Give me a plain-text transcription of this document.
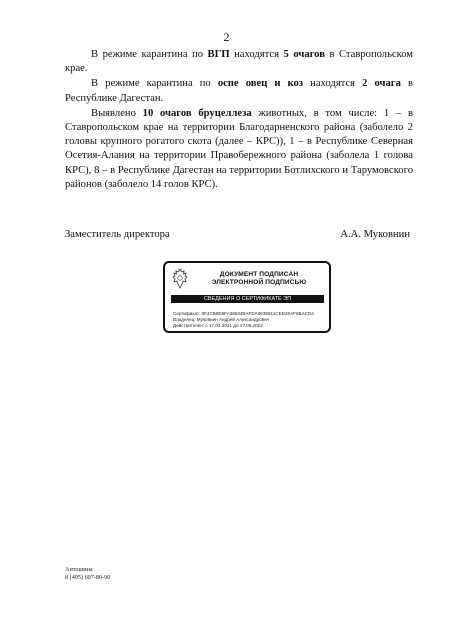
2

В режиме карантина по ВГП находятся 5 очагов в Ставропольском крае.

В режиме карантина по оспе овец и коз находятся 2 очага в Республике Дагестан.

Выявлено 10 очагов бруцеллеза животных, в том числе: 1 – в Ставропольском крае на территории Благодарненского района (заболело 2 головы крупного рогатого скота (далее – КРС)), 1 – в Республике Северная Осетия-Алания на территории Правобережного района (заболела 1 голова КРС), 8 – в Республике Дагестан на территории Ботлихского и Тарумовского районов (заболело 14 голов КРС).

Заместитель директора	А.А. Муковнин
ДОКУМЕНТ ПОДПИСАН
ЭЛЕКТРОННОЙ ПОДПИСЬЮ
СВЕДЕНИЯ О СЕРТИФИКАТЕ ЭП
Сертификат: 0F4CB9E9FA36534BAFDA0635511CED26AF6BACD4
Владелец: Муковнин Андрей Александрович
Действителен: с 17.03.2021 до 17.06.2022
Антошина
8 (495) 607-80-90
